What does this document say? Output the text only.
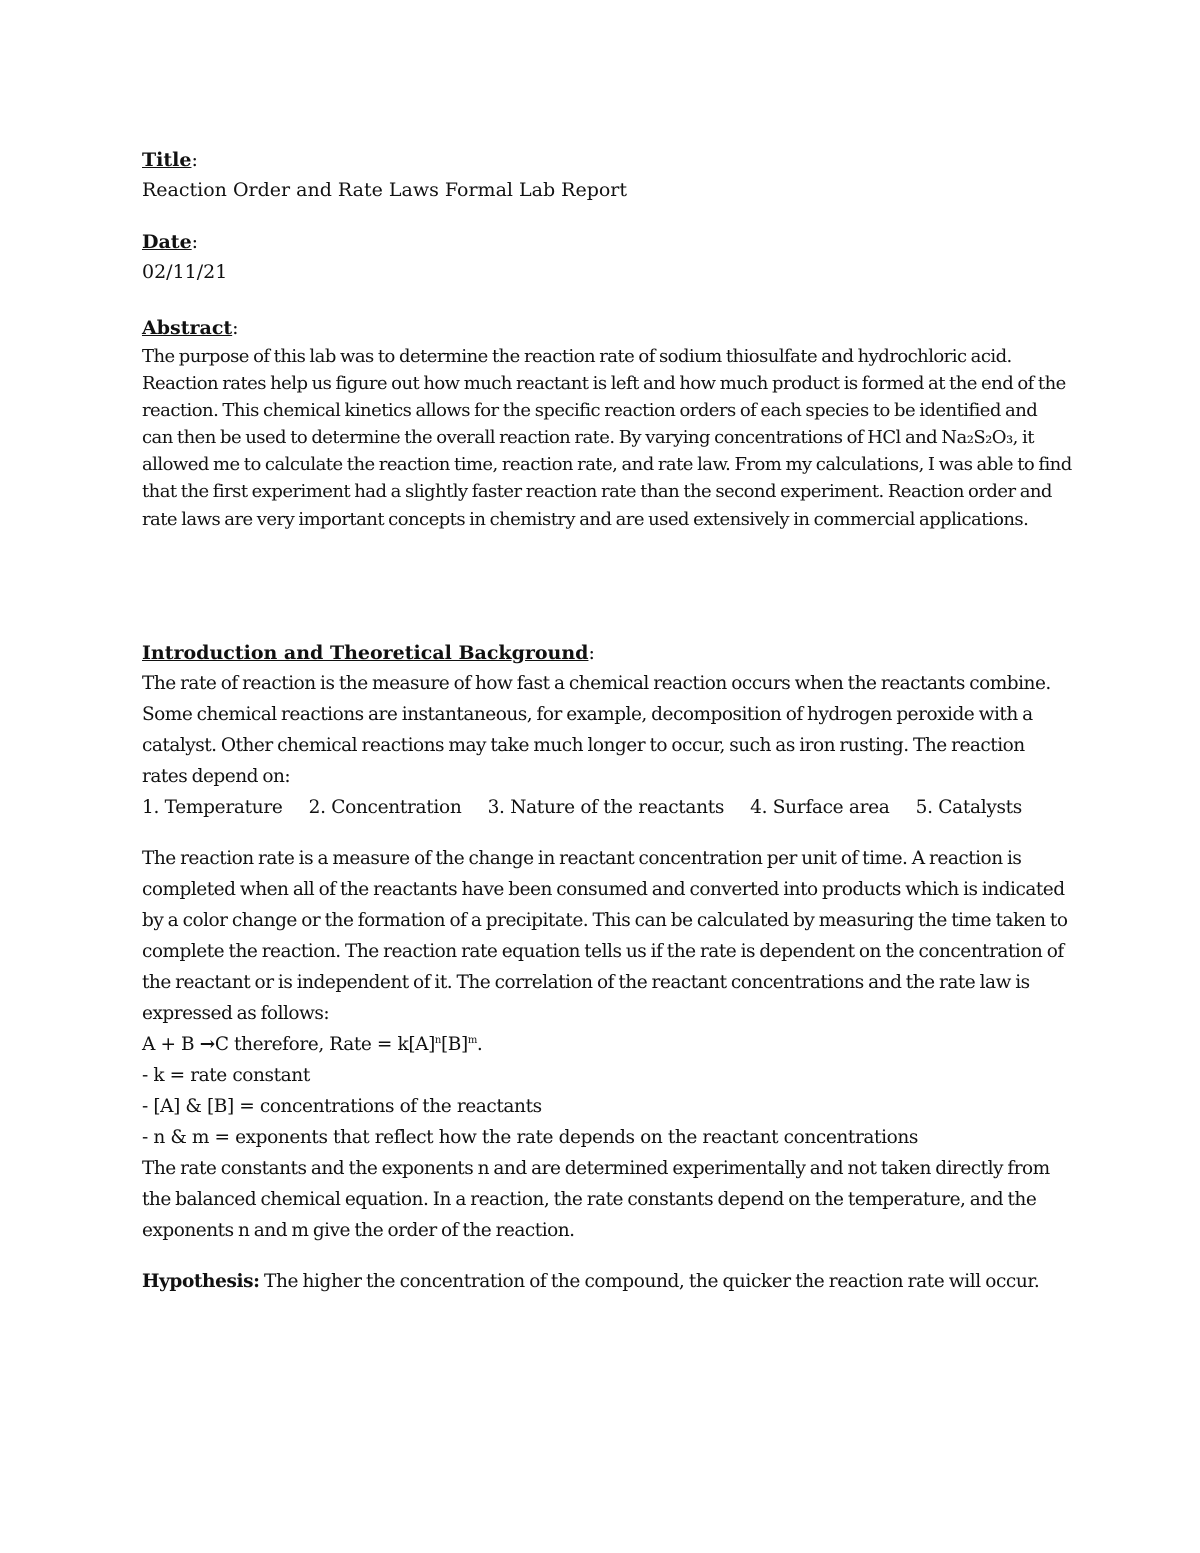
Title:
Reaction Order and Rate Laws Formal Lab Report
Date:
02/11/21
Abstract:

The purpose of this lab was to determine the reaction rate of sodium thiosulfate and hydrochloric acid. Reaction rates help us figure out how much reactant is left and how much product is formed at the end of the reaction. This chemical kinetics allows for the specific reaction orders of each species to be identified and can then be used to determine the overall reaction rate. By varying concentrations of HCl and Na₂S₂O₃, it allowed me to calculate the reaction time, reaction rate, and rate law. From my calculations, I was able to find that the first experiment had a slightly faster reaction rate than the second experiment. Reaction order and rate laws are very important concepts in chemistry and are used extensively in commercial applications.

Introduction and Theoretical Background:

The rate of reaction is the measure of how fast a chemical reaction occurs when the reactants combine. Some chemical reactions are instantaneous, for example, decomposition of hydrogen peroxide with a catalyst. Other chemical reactions may take much longer to occur, such as iron rusting. The reaction rates depend on:

1. Temperature 2. Concentration 3. Nature of the reactants 4. Surface area 5. Catalysts

The reaction rate is a measure of the change in reactant concentration per unit of time. A reaction is completed when all of the reactants have been consumed and converted into products which is indicated by a color change or the formation of a precipitate. This can be calculated by measuring the time taken to complete the reaction. The reaction rate equation tells us if the rate is dependent on the concentration of the reactant or is independent of it. The correlation of the reactant concentrations and the rate law is expressed as follows:

A + B →C therefore, Rate = $k[A]^n[B]^m$.
- k = rate constant
- [A] & [B] = concentrations of the reactants
- n & m = exponents that reflect how the rate depends on the reactant concentrations

The rate constants and the exponents n and are determined experimentally and not taken directly from the balanced chemical equation. In a reaction, the rate constants depend on the temperature, and the exponents n and m give the order of the reaction.

Hypothesis: The higher the concentration of the compound, the quicker the reaction rate will occur.
